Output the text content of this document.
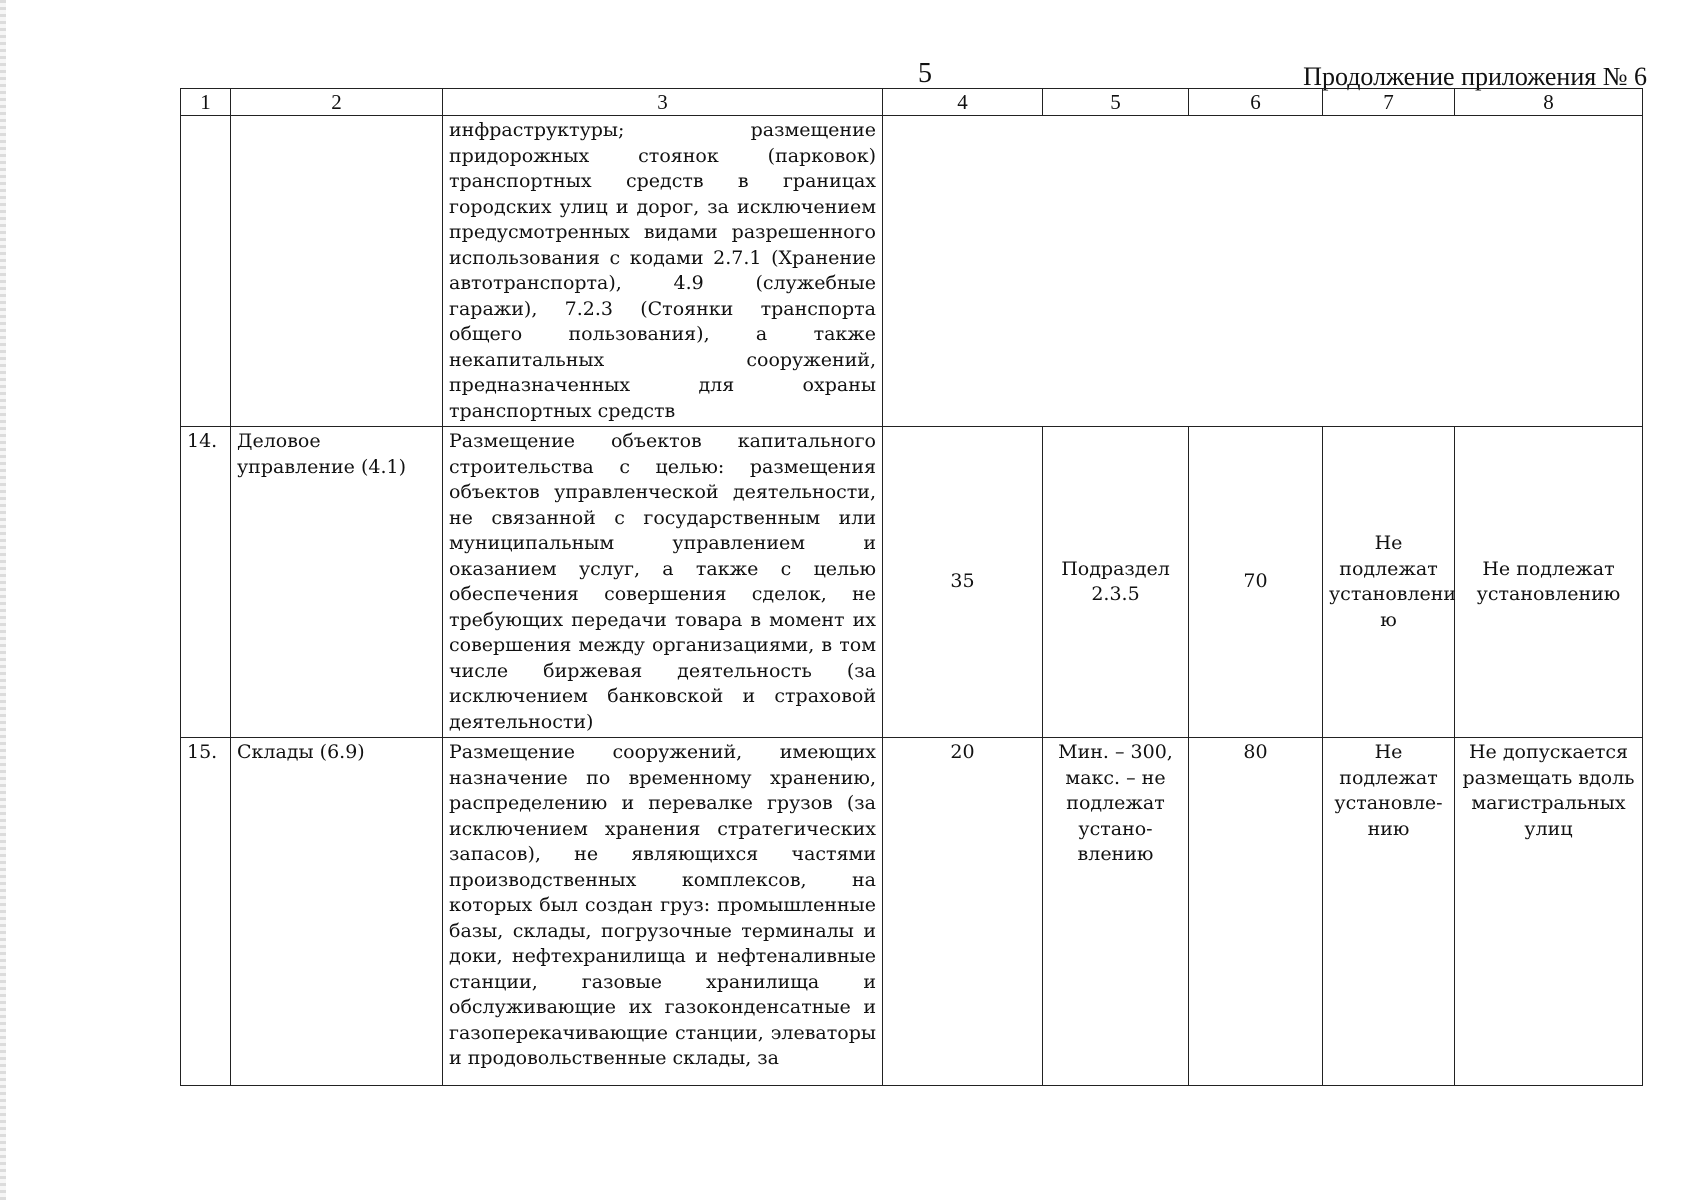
5	Продолжение приложения № 6
1	2	3	4	5	6	7	8
		инфраструктуры; размещение придорожных стоянок (парковок) транспортных средств в границах городских улиц и дорог, за исключением предусмотренных видами разрешенного использования с кодами 2.7.1 (Хранение автотранспорта), 4.9 (служебные гаражи), 7.2.3 (Стоянки транспорта общего пользования), а также некапитальных сооружений, предназначенных для охраны транспортных средств					
14.	Деловое управление (4.1)	Размещение объектов капитального строительства с целью: размещения объектов управленческой деятельности, не связанной с государственным или муниципальным управлением и оказанием услуг, а также с целью обеспечения совершения сделок, не требующих передачи товара в момент их совершения между организациями, в том числе биржевая деятельность (за исключением банковской и страховой деятельности)	35	Подраздел 2.3.5	70	Не подлежат установлени ю	Не подлежат установлению
15.	Склады (6.9)	Размещение сооружений, имеющих назначение по временному хранению, распределению и перевалке грузов (за исключением хранения стратегических запасов), не являющихся частями производственных комплексов, на которых был создан груз: промышленные базы, склады, погрузочные терминалы и доки, нефтехранилища и нефтеналивные станции, газовые хранилища и обслуживающие их газоконденсатные и газоперекачивающие станции, элеваторы и продовольственные склады, за	20	Мин. – 300, макс. – не подлежат устано- влению	80	Не подлежат установле- нию	Не допускается размещать вдоль магистральных улиц
